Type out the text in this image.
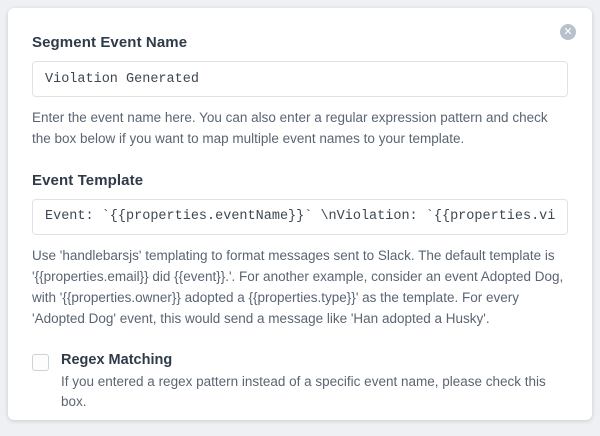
✕
Segment Event Name
Violation Generated

Enter the event name here. You can also enter a regular expression pattern and check the box below if you want to map multiple event names to your template.

Event Template
Event: `{{properties.eventName}}` \nViolation: `{{properties.violatio

Use 'handlebarsjs' templating to format messages sent to Slack. The default template is '{{properties.email}} did {{event}}.'. For another example, consider an event Adopted Dog, with '{{properties.owner}} adopted a {{properties.type}}' as the template. For every 'Adopted Dog' event, this would send a message like 'Han adopted a Husky'.

Regex Matching
If you entered a regex pattern instead of a specific event name, please check this box.
